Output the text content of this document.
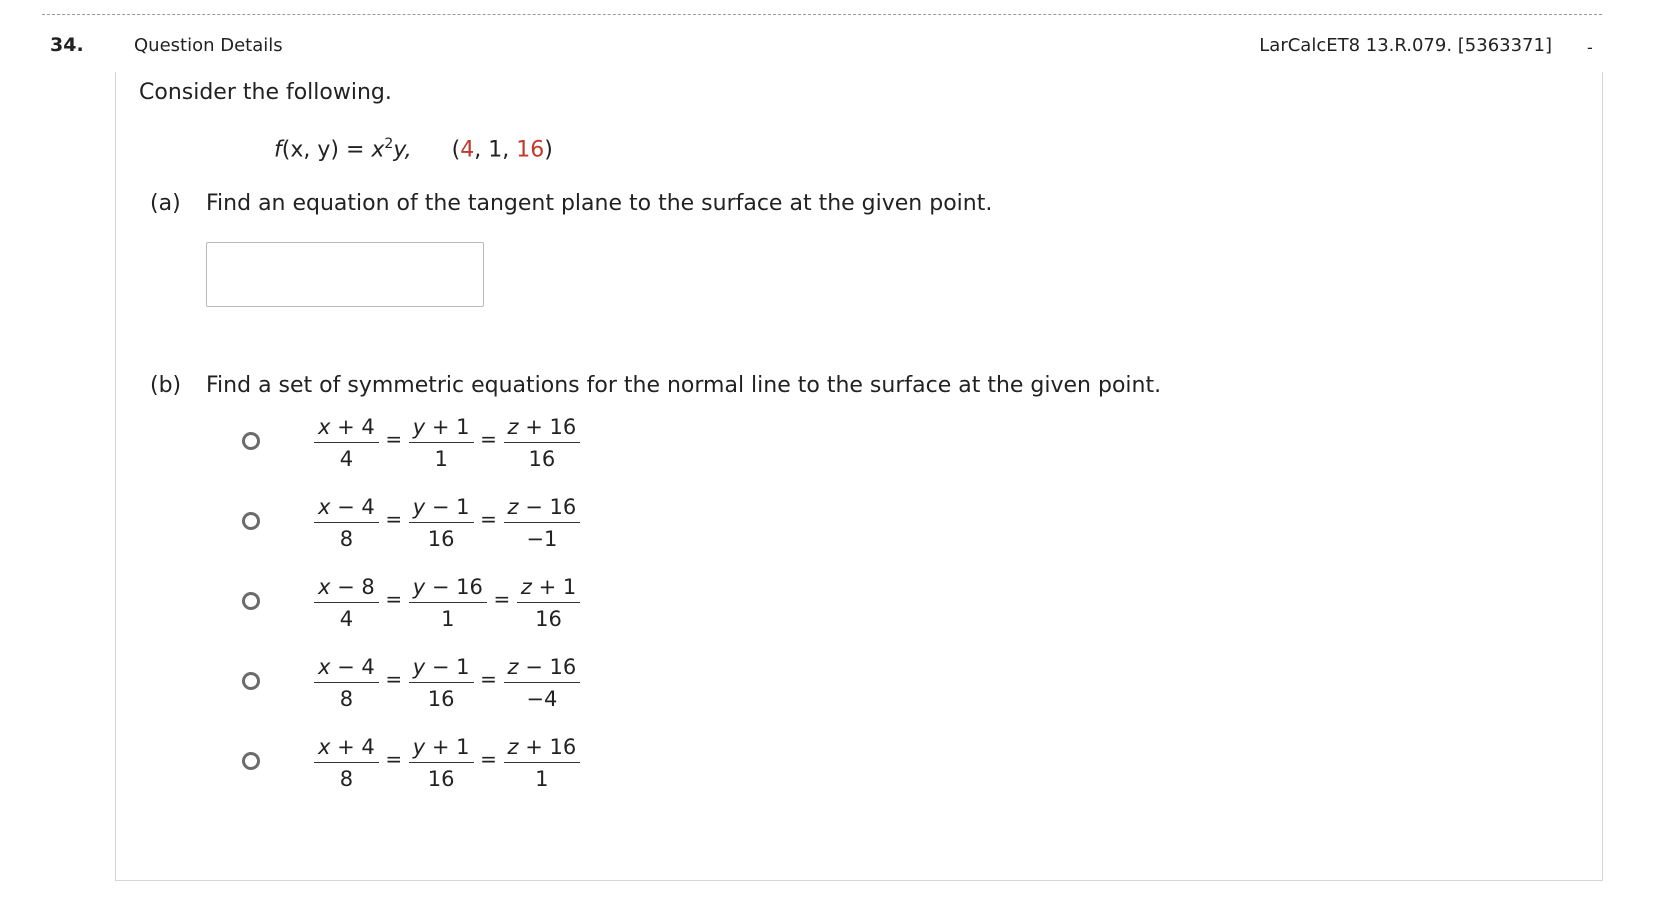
34.	Question Details	LarCalcET8 13.R.079. [5363371] -
Consider the following.
f(x, $y) = x^2y$, (4, 1, 16)
(a) Find an equation of the tangent plane to the surface at the given point.
(b) Find a set of symmetric equations for the normal line to the surface at the given point.
$\frac{x + 4}{4} = \frac{y + 1}{1} = \frac{z + 16}{16}$
$\frac{x - 4}{8} = \frac{y - 1}{16} = \frac{z - 16}{-1}$
$\frac{x - 8}{4} = \frac{y - 16}{1} = \frac{z + 1}{16}$
$\frac{x - 4}{8} = \frac{y - 1}{16} = \frac{z - 16}{-4}$
$\frac{x + 4}{8} = \frac{y + 1}{16} = \frac{z + 16}{1}$
